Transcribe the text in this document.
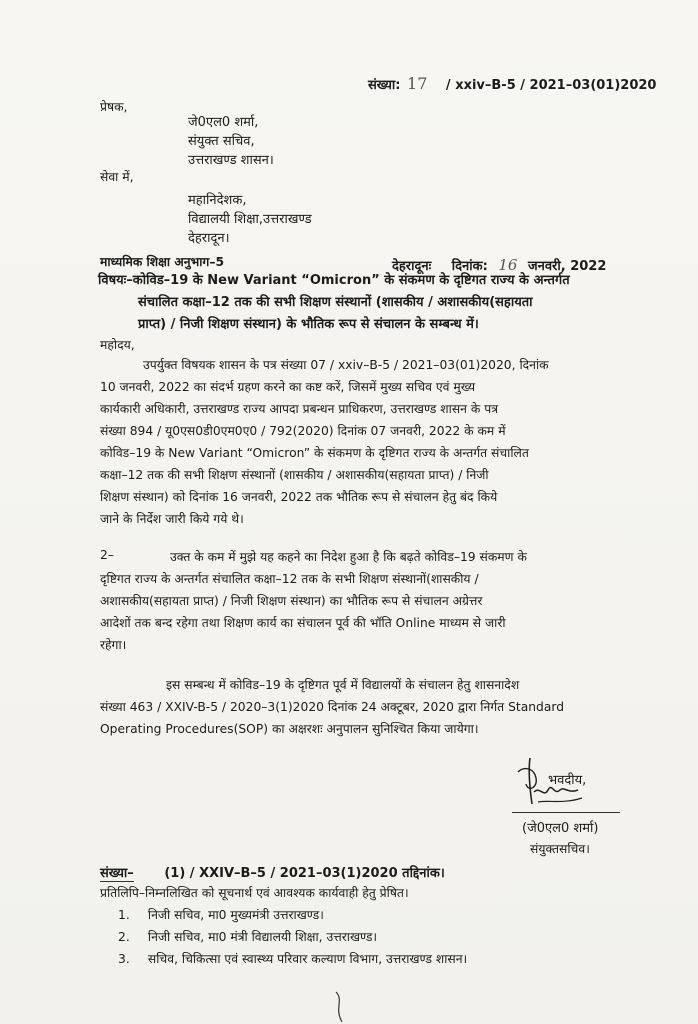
संख्या: 17 / xxiv–B-5 / 2021–03(01)2020
प्रेषक,
जे0एल0 शर्मा,
संयुक्त सचिव,
उत्तराखण्ड शासन।
सेवा में,
महानिदेशक,
विद्यालयी शिक्षा,उत्तराखण्ड
देहरादून।
माध्यमिक शिक्षा अनुभाग–5	देहरादूनः दिनांक: 16 जनवरी, 2022
विषयः–कोविड–19 के New Variant “Omicron” के संकमण के दृष्टिगत राज्य के अन्तर्गत
संचालित कक्षा–12 तक की सभी शिक्षण संस्थानों (शासकीय / अशासकीय(सहायता
प्राप्त) / निजी शिक्षण संस्थान) के भौतिक रूप से संचालन के सम्बन्ध में।
महोदय,
उपर्युक्त विषयक शासन के पत्र संख्या 07 / xxiv–B-5 / 2021–03(01)2020, दिनांक
10 जनवरी, 2022 का संदर्भ ग्रहण करने का कष्ट करें, जिसमें मुख्य सचिव एवं मुख्य
कार्यकारी अधिकारी, उत्तराखण्ड राज्य आपदा प्रबन्धन प्राधिकरण, उत्तराखण्ड शासन के पत्र
संख्या 894 / यू0एस0डी0एम0ए0 / 792(2020) दिनांक 07 जनवरी, 2022 के कम में
कोविड–19 के New Variant “Omicron” के संकमण के दृष्टिगत राज्य के अन्तर्गत संचालित
कक्षा–12 तक की सभी शिक्षण संस्थानों (शासकीय / अशासकीय(सहायता प्राप्त) / निजी
शिक्षण संस्थान) को दिनांक 16 जनवरी, 2022 तक भौतिक रूप से संचालन हेतु बंद किये
जाने के निर्देश जारी किये गये थे।
2–	उक्त के कम में मुझे यह कहने का निदेश हुआ है कि बढ़ते कोविड–19 संकमण के
दृष्टिगत राज्य के अन्तर्गत संचालित कक्षा–12 तक के सभी शिक्षण संस्थानों(शासकीय /
अशासकीय(सहायता प्राप्त) / निजी शिक्षण संस्थान) का भौतिक रूप से संचालन अग्रेत्तर
आदेशों तक बन्द रहेगा तथा शिक्षण कार्य का संचालन पूर्व की भॉति Online माध्यम से जारी
रहेगा।
इस सम्बन्ध में कोविड–19 के दृष्टिगत पूर्व में विद्यालयों के संचालन हेतु शासनादेश
संख्या 463 / XXIV-B-5 / 2020–3(1)2020 दिनांक 24 अक्टूबर, 2020 द्वारा निर्गत Standard
Operating Procedures(SOP) का अक्षरशः अनुपालन सुनिश्चित किया जायेगा।
भवदीय,
(जे0एल0 शर्मा)
संयुक्तसचिव।
संख्या– (1) / XXIV–B–5 / 2021–03(1)2020 तद्दिनांक।
प्रतिलिपि–निम्नलिखित को सूचनार्थ एवं आवश्यक कार्यवाही हेतु प्रेषित।
1. निजी सचिव, मा0 मुख्यमंत्री उत्तराखण्ड।
2. निजी सचिव, मा0 मंत्री विद्यालयी शिक्षा, उत्तराखण्ड।
3. सचिव, चिकित्सा एवं स्वास्थ्य परिवार कल्याण विभाग, उत्तराखण्ड शासन।
